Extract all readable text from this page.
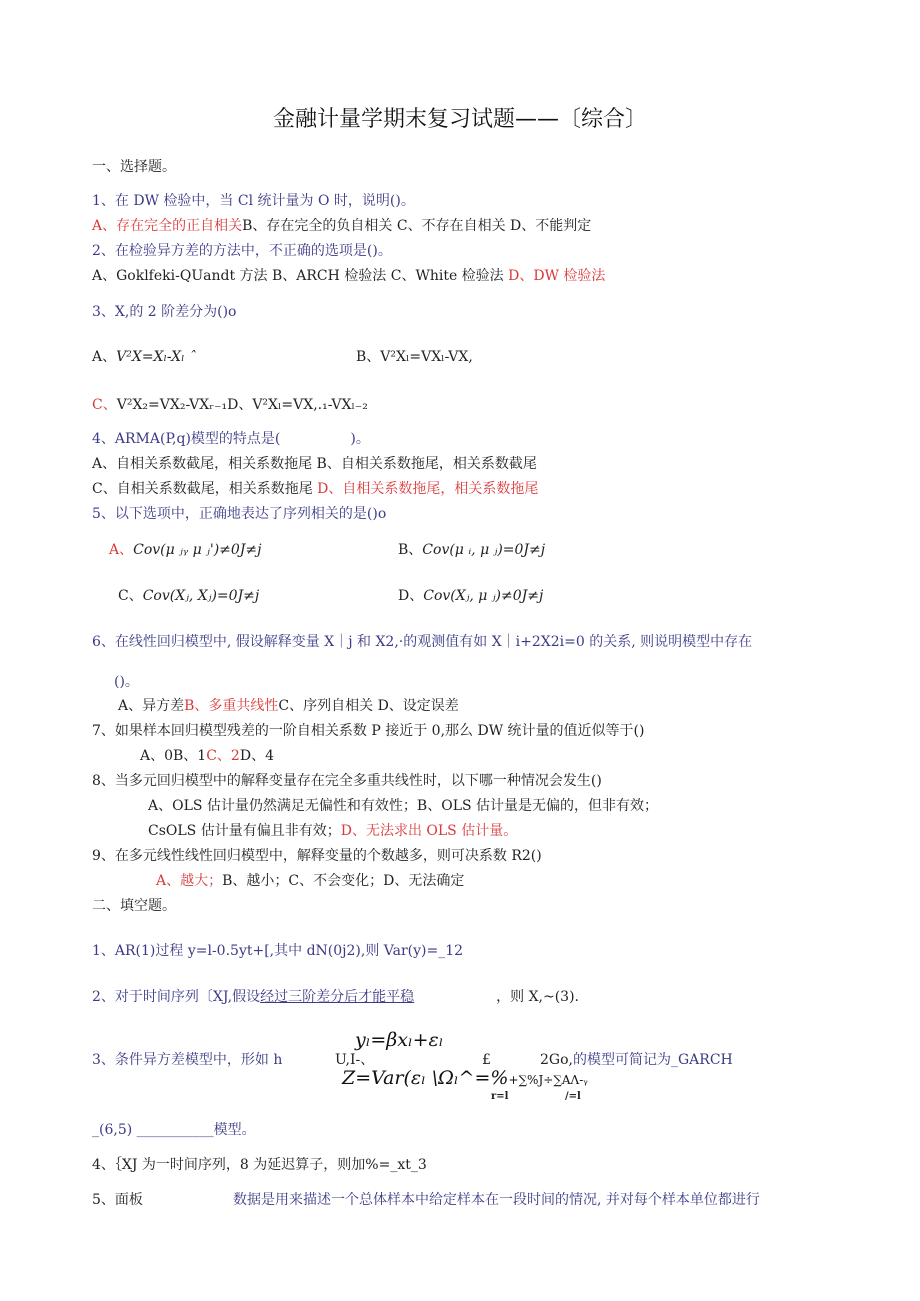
金融计量学期末复习试题——〔综合〕
一、选择题。
1、在 DW 检验中，当 Cl 统计量为 O 时，说明()。
A、存在完全的正自相关B、存在完全的负自相关 C、不存在自相关 D、不能判定
2、在检验异方差的方法中，不正确的选项是()。
A、Goklfeki-QUandt 方法 B、ARCH 检验法 C、White 检验法 D、DW 检验法
3、X,的 2 阶差分为()o
A、V²X=Xₗ-Xₗ ˆ	B、V²Xₗ=VXₗ-VX,
C、V²X₂=VX₂-VXᵣ₋₁D、V²Xₗ=VX,.₁-VXₗ₋₂
4、ARMA(P,q)模型的特点是(　　　　　)。
A、自相关系数截尾，相关系数拖尾 B、自相关系数拖尾，相关系数截尾
C、自相关系数截尾，相关系数拖尾 D、自相关系数拖尾，相关系数拖尾
5、以下选项中，正确地表达了序列相关的是()o
A、Cov(μ ⱼᵧ μ ⱼ')≠0J≠j	B、Cov(μ ᵢ, μ ⱼ)=0J≠j
C、Cov(Xⱼ, Xⱼ)=0J≠j	D、Cov(Xⱼ, μ ⱼ)≠0J≠j
6、在线性回归模型中, 假设解释变量 X｜j 和 X2,·的观测值有如 X｜i+2X2i=0 的关系, 则说明模型中存在
()。
A、异方差B、多重共线性C、序列自相关 D、设定误差
7、如果样本回归模型残差的一阶自相关系数 P 接近于 0,那么 DW 统计量的值近似等于()
A、0B、1C、2D、4
8、当多元回归模型中的解释变量存在完全多重共线性时，以下哪一种情况会发生()
A、OLS 估计量仍然满足无偏性和有效性；B、OLS 估计量是无偏的，但非有效；
CsOLS 估计量有偏且非有效；D、无法求出 OLS 估计量。
9、在多元线性线性回归模型中，解释变量的个数越多，则可决系数 R2()
A、越大；B、越小；C、不会变化；D、无法确定
二、填空题。
1、AR(1)过程 y=l-0.5yt+[,其中 dN(0j2),则 Var(y)=_12
2、对于时间序列〔XJ,假设经过三阶差分后才能平稳	，则 X,~(3).
yₗ=βxₗ+εₗ
3、条件异方差模型中，形如 h	U,I-、	£	2Go,的模型可简记为_GARCH
Z=Var(εₗ \Ωₗ^=%+∑%J÷∑AΛ-ᵧ
r=l	/=l
_(6,5) ___________模型。
4、｛XJ 为一时间序列，8 为延迟算子，则加%=_xt_3
5、面板	数据是用来描述一个总体样本中给定样本在一段时间的情况, 并对每个样本单位都进行
